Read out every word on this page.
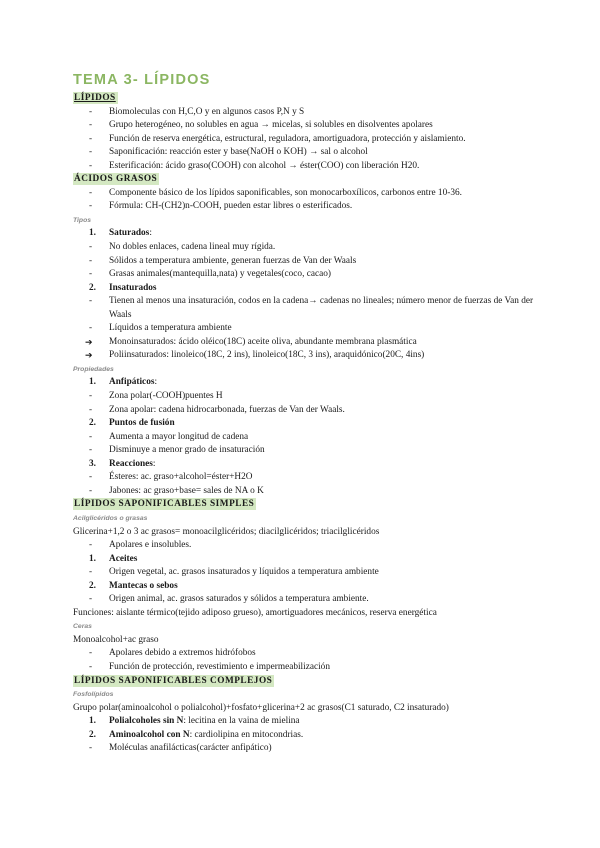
TEMA 3- LÍPIDOS
LÍPIDOS
-	Biomoleculas con H,C,O y en algunos casos P,N y S
-	Grupo heterogéneo, no solubles en agua → micelas, si solubles en disolventes apolares
-	Función de reserva energética, estructural, reguladora, amortiguadora, protección y aislamiento.
-	Saponificación: reacción ester y base(NaOH o KOH) → sal o alcohol
-	Esterificación: ácido graso(COOH) con alcohol → éster(COO) con liberación H20.
ÁCIDOS GRASOS
-	Componente básico de los lípidos saponificables, son monocarboxílicos, carbonos entre 10-36.
-	Fórmula: CH-(CH2)n-COOH, pueden estar libres o esterificados.
Tipos
1.	Saturados:
-	No dobles enlaces, cadena lineal muy rígida.
-	Sólidos a temperatura ambiente, generan fuerzas de Van der Waals
-	Grasas animales(mantequilla,nata) y vegetales(coco, cacao)
2.	Insaturados
-	Tienen al menos una insaturación, codos en la cadena→ cadenas no lineales; número menor de fuerzas de Van der Waals
-	Líquidos a temperatura ambiente
➔	Monoinsaturados: ácido oléico(18C) aceite oliva, abundante membrana plasmática
➔	Poliinsaturados: linoleico(18C, 2 ins), linoleico(18C, 3 ins), araquidónico(20C, 4ins)
Propiedades
1.	Anfipáticos:
-	Zona polar(-COOH)puentes H
-	Zona apolar: cadena hidrocarbonada, fuerzas de Van der Waals.
2.	Puntos de fusión
-	Aumenta a mayor longitud de cadena
-	Disminuye a menor grado de insaturación
3.	Reacciones:
-	Ésteres: ac. graso+alcohol=éster+H2O
-	Jabones: ac graso+base= sales de NA o K
LÍPIDOS SAPONIFICABLES SIMPLES
Acilglicéridos o grasas
Glicerina+1,2 o 3 ac grasos= monoacilglicéridos; diacilglicéridos; triacilglicéridos
-	Apolares e insolubles.
1.	Aceites
-	Origen vegetal, ac. grasos insaturados y líquidos a temperatura ambiente
2.	Mantecas o sebos
-	Origen animal, ac. grasos saturados y sólidos a temperatura ambiente.
Funciones: aislante térmico(tejido adiposo grueso), amortiguadores mecánicos, reserva energética
Ceras
Monoalcohol+ac graso
-	Apolares debido a extremos hidrófobos
-	Función de protección, revestimiento e impermeabilización
LÍPIDOS SAPONIFICABLES COMPLEJOS
Fosfolípidos
Grupo polar(aminoalcohol o polialcohol)+fosfato+glicerina+2 ac grasos(C1 saturado, C2 insaturado)
1.	Polialcoholes sin N: lecitina en la vaina de mielina
2.	Aminoalcohol con N: cardiolipina en mitocondrias.
-	Moléculas anafilácticas(carácter anfipático)
